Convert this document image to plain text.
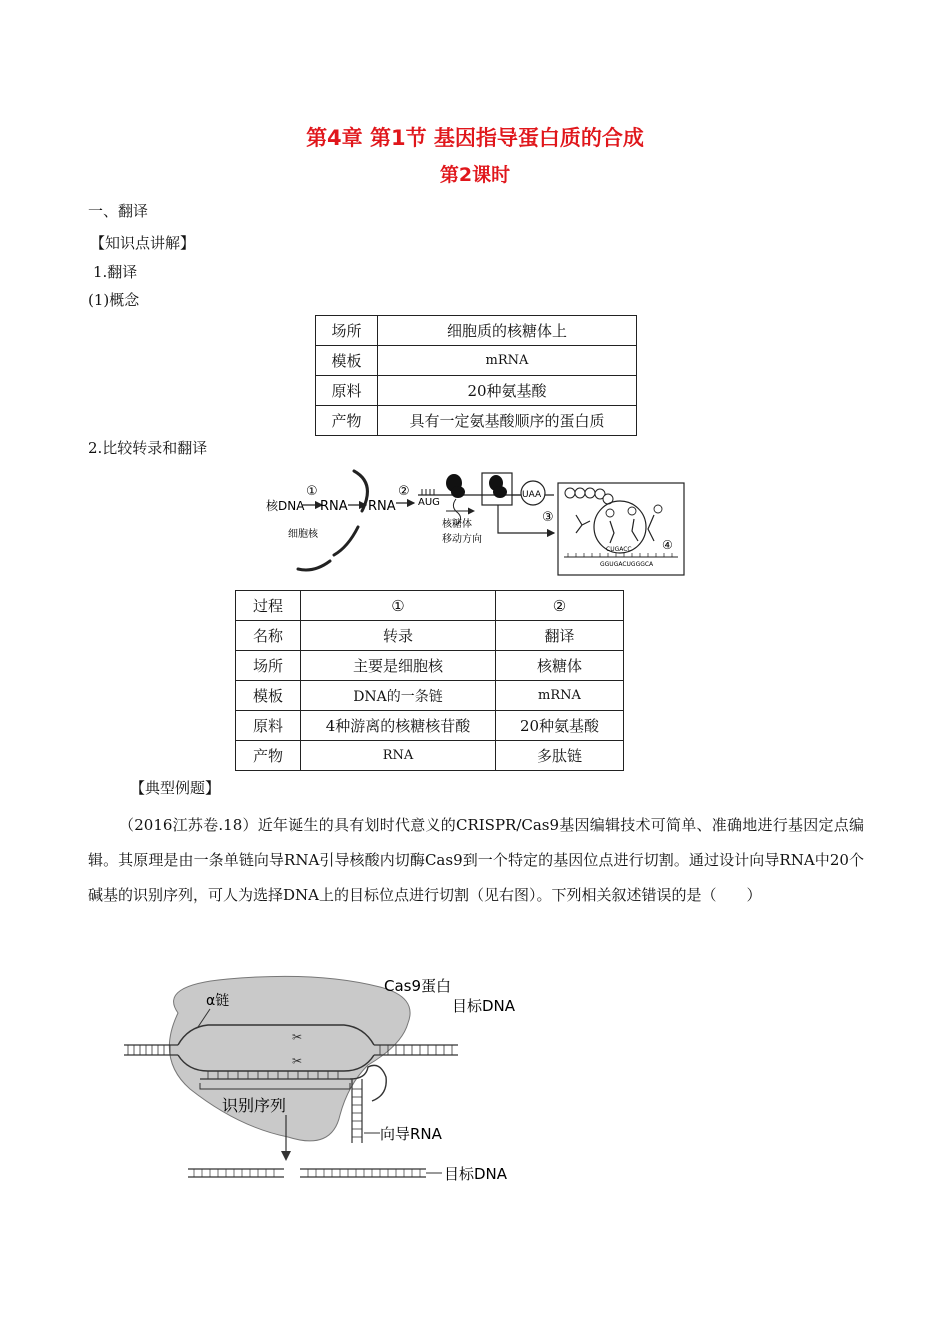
第4章 第1节 基因指导蛋白质的合成
第2课时
一、翻译
【知识点讲解】
1.翻译
(1)概念
场所	细胞质的核糖体上
模板	mRNA
原料	20种氨基酸
产物	具有一定氨基酸顺序的蛋白质
2.比较转录和翻译
核DNA
①
RNA RNA
②
细胞核
AUG
UAA
核糖体
移动方向
③
④
CUGACC
GGUGACUGGGCA
过程	①	②
名称	转录	翻译
场所	主要是细胞核	核糖体
模板	DNA的一条链	mRNA
原料	4种游离的核糖核苷酸	20种氨基酸
产物	RNA	多肽链
【典型例题】
（2016江苏卷.18）近年诞生的具有划时代意义的CRISPR/Cas9基因编辑技术可简单、准确地进行基因定点编辑。其原理是由一条单链向导RNA引导核酸内切酶Cas9到一个特定的基因位点进行切割。通过设计向导RNA中20个碱基的识别序列，可人为选择DNA上的目标位点进行切割（见右图）。下列相关叙述错误的是（　　）
识别序列
✂
✂
α链
Cas9蛋白
目标DNA
向导RNA
目标DNA
